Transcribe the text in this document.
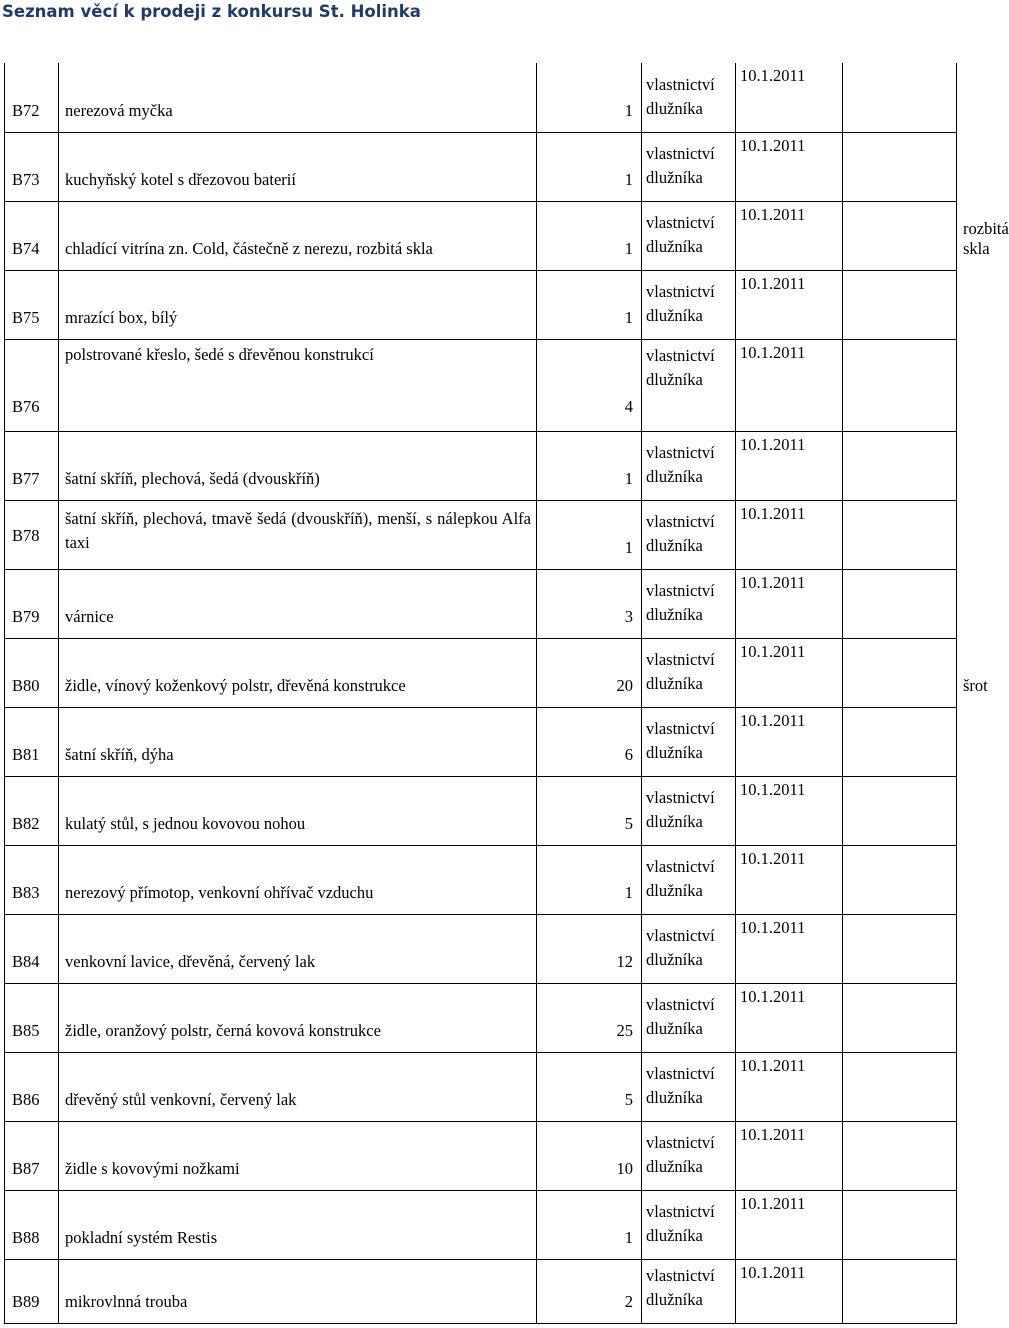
Seznam věcí k prodeji z konkursu St. Holinka
B72	nerezová myčka	1	vlastnictví
dlužníka	10.1.2011		
B73	kuchyňský kotel s dřezovou baterií	1	vlastnictví
dlužníka	10.1.2011		
B74	chladící vitrína zn. Cold, částečně z nerezu, rozbitá skla	1	vlastnictví
dlužníka	10.1.2011		rozbitá skla
B75	mrazící box, bílý	1	vlastnictví
dlužníka	10.1.2011		
B76	polstrované křeslo, šedé s dřevěnou konstrukcí	4	vlastnictví
dlužníka	10.1.2011		
B77	šatní skříň, plechová, šedá (dvouskříň)	1	vlastnictví
dlužníka	10.1.2011		
B78	šatní skříň, plechová, tmavě šedá (dvouskříň), menší, s nálepkou Alfa taxi	1	vlastnictví
dlužníka	10.1.2011		
B79	várnice	3	vlastnictví
dlužníka	10.1.2011		
B80	židle, vínový koženkový polstr, dřevěná konstrukce	20	vlastnictví
dlužníka	10.1.2011		šrot
B81	šatní skříň, dýha	6	vlastnictví
dlužníka	10.1.2011		
B82	kulatý stůl, s jednou kovovou nohou	5	vlastnictví
dlužníka	10.1.2011		
B83	nerezový přímotop, venkovní ohřívač vzduchu	1	vlastnictví
dlužníka	10.1.2011		
B84	venkovní lavice, dřevěná, červený lak	12	vlastnictví
dlužníka	10.1.2011		
B85	židle, oranžový polstr, černá kovová konstrukce	25	vlastnictví
dlužníka	10.1.2011		
B86	dřevěný stůl venkovní, červený lak	5	vlastnictví
dlužníka	10.1.2011		
B87	židle s kovovými nožkami	10	vlastnictví
dlužníka	10.1.2011		
B88	pokladní systém Restis	1	vlastnictví
dlužníka	10.1.2011		
B89	mikrovlnná trouba	2	vlastnictví
dlužníka	10.1.2011		
